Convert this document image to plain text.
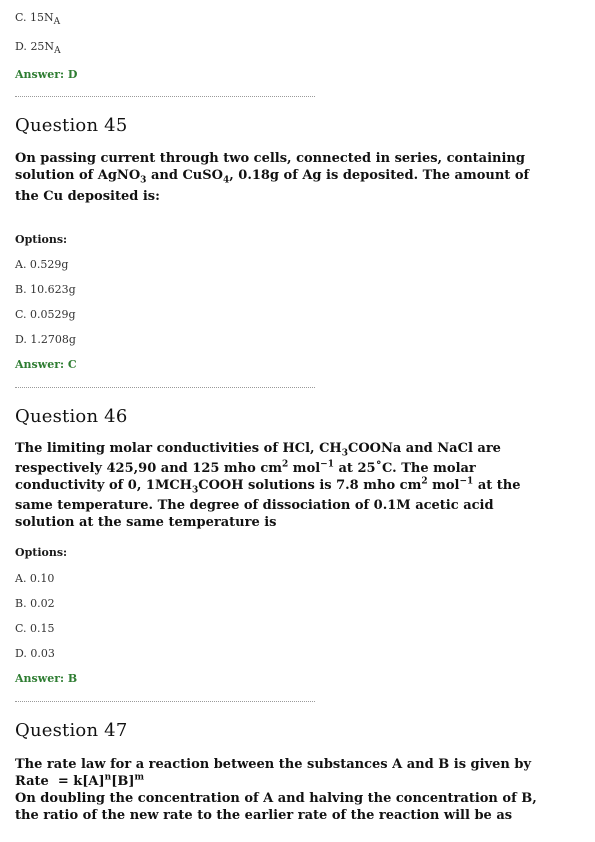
C. $15N_A$
D. $25N_A$
Answer: D
Question 45
On passing current through two cells, connected in series, containing
solution of AgNO$_3$ and CuSO$_4$, 0.18g of Ag is deposited. The amount of
the Cu deposited is:
Options:
A. 0.529g
B. 10.623g
C. 0.0529g
D. 1.2708g
Answer: C
Question 46
The limiting molar conductivities of HCl, $CH_3COONa$ and NaCl are
respectively 425,90 and 125 mho $cm^2$ mol$^{-1}$ at 25˚C. The molar
conductivity of 0, $1MCH_3COOH$ solutions is 7.8 mho $cm^2$ mol$^{-1}$ at the
same temperature. The degree of dissociation of 0.1M acetic acid
solution at the same temperature is
Options:
A. 0.10
B. 0.02
C. 0.15
D. 0.03
Answer: B
Question 47
The rate law for a reaction between the substances A and B is given by
Rate  = $k[A]^n[B]^m$
On doubling the concentration of A and halving the concentration of B,
the ratio of the new rate to the earlier rate of the reaction will be as
